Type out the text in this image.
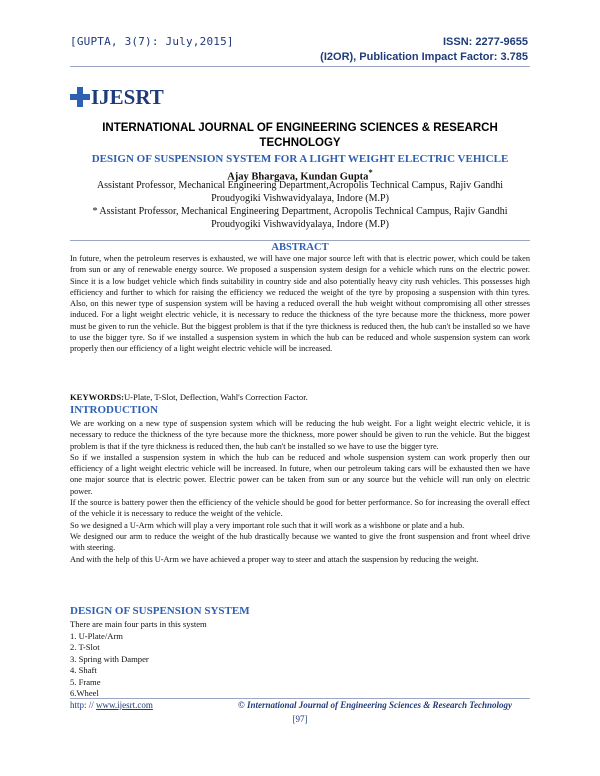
[GUPTA, 3(7): July,2015]	ISSN: 2277-9655
(I2OR), Publication Impact Factor: 3.785
IJESRT
INTERNATIONAL JOURNAL OF ENGINEERING SCIENCES & RESEARCH TECHNOLOGY
DESIGN OF SUSPENSION SYSTEM FOR A LIGHT WEIGHT ELECTRIC VEHICLE
Ajay Bhargava, Kundan Gupta*
Assistant Professor, Mechanical Engineering Department,Acropolis Technical Campus, Rajiv Gandhi Proudyogiki Vishwavidyalaya, Indore (M.P)
* Assistant Professor, Mechanical Engineering Department, Acropolis Technical Campus, Rajiv Gandhi Proudyogiki Vishwavidyalaya, Indore (M.P)
ABSTRACT
In future, when the petroleum reserves is exhausted, we will have one major source left with that is electric power, which could be taken from sun or any of renewable energy source. We proposed a suspension system design for a vehicle which runs on the electric power. Since it is a low budget vehicle which finds suitability in country side and also potentially heavy city rush vehicles. This possesses high efficiency and further to which for raising the efficiency we reduced the weight of the tyre by proposing a suspension with thin tyres. Also, on this newer type of suspension system will be having a reduced overall the hub weight without compromising all other stresses induced. For a light weight electric vehicle, it is necessary to reduce the thickness of the tyre because more the thickness, more power must be given to run the vehicle. But the biggest problem is that if the tyre thickness is reduced then, the hub can't be installed so we have to use the bigger tyre. So if we installed a suspension system in which the hub can be reduced and whole suspension system can work properly then our efficiency of a light weight electric vehicle will be increased.
KEYWORDS:U-Plate, T-Slot, Deflection, Wahl's Correction Factor.
INTRODUCTION

We are working on a new type of suspension system which will be reducing the hub weight. For a light weight electric vehicle, it is necessary to reduce the thickness of the tyre because more the thickness, more power should be given to run the vehicle. But the biggest problem is that if the tyre thickness is reduced then, the hub can't be installed so we have to use the bigger tyre.

So if we installed a suspension system in which the hub can be reduced and whole suspension system can work properly then our efficiency of a light weight electric vehicle will be increased. In future, when our petroleum taking cars will be exhausted then we have one major source that is electric power. Electric power can be taken from sun or any source but the vehicle will run only on electric power.

If the source is battery power then the efficiency of the vehicle should be good for better performance. So for increasing the overall effect of the vehicle it is necessary to reduce the weight of the vehicle.

So we designed a U-Arm which will play a very important role such that it will work as a wishbone or plate and a hub.

We designed our arm to reduce the weight of the hub drastically because we wanted to give the front suspension and front wheel drive with steering.

And with the help of this U-Arm we have achieved a proper way to steer and attach the suspension by reducing the weight.

DESIGN OF SUSPENSION SYSTEM

There are main four parts in this system

1. U-Plate/Arm

2. T-Slot

3. Spring with Damper

4. Shaft

5. Frame

6.Wheel

http: // www.ijesrt.com	© International Journal of Engineering Sciences & Research Technology
[97]
